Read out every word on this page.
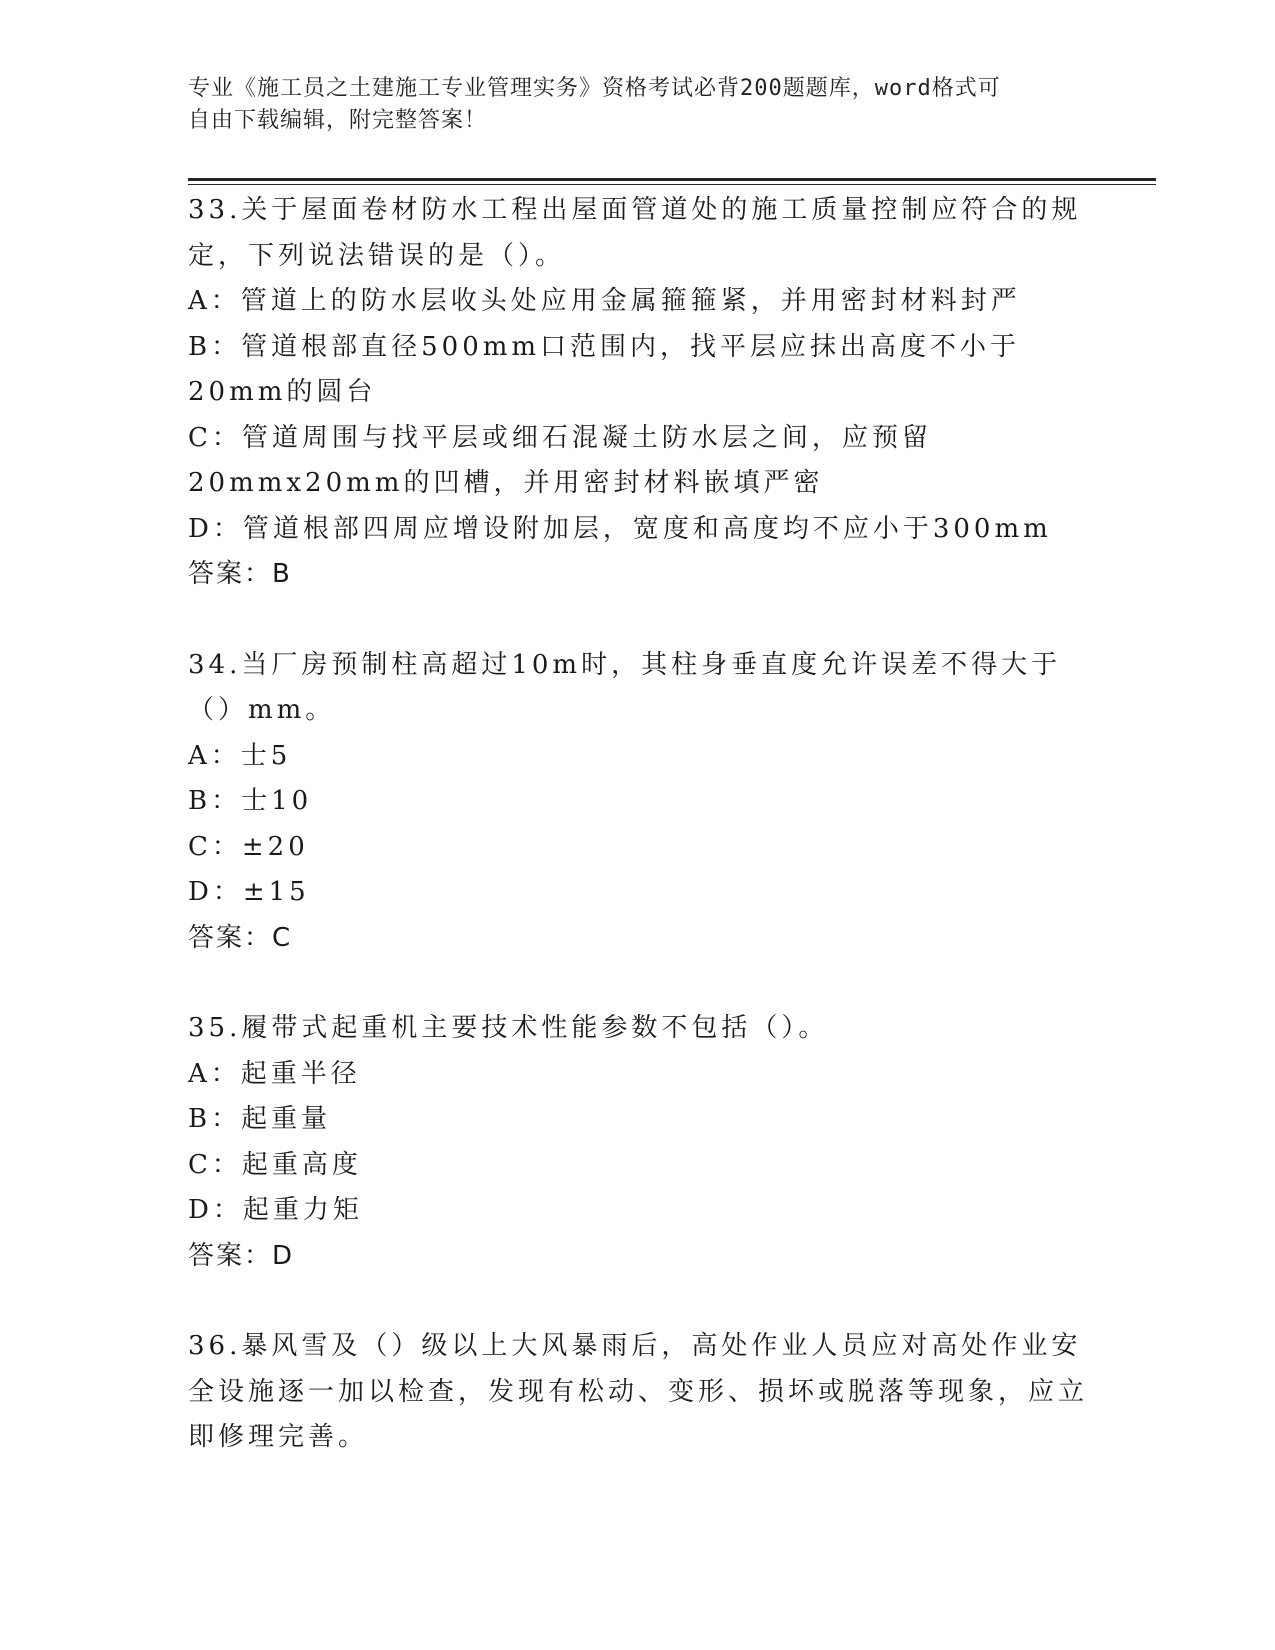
专业《施工员之土建施工专业管理实务》资格考试必背200题题库，word格式可
自由下载编辑，附完整答案！
33.关于屋面卷材防水工程出屋面管道处的施工质量控制应符合的规定，下列说法错误的是（）。
A：管道上的防水层收头处应用金属箍箍紧，并用密封材料封严
B：管道根部直径500mm口范围内，找平层应抹出高度不小于20mm的圆台
C：管道周围与找平层或细石混凝土防水层之间，应预留20mmx20mm的凹槽，并用密封材料嵌填严密
D：管道根部四周应增设附加层，宽度和高度均不应小于300mm
答案：B
34.当厂房预制柱高超过10m时，其柱身垂直度允许误差不得大于（）mm。
A：士5
B：士10
C：±20
D：±15
答案：C
35.履带式起重机主要技术性能参数不包括（）。
A：起重半径
B：起重量
C：起重高度
D：起重力矩
答案：D
36.暴风雪及（）级以上大风暴雨后，高处作业人员应对高处作业安全设施逐一加以检查，发现有松动、变形、损坏或脱落等现象，应立即修理完善。
